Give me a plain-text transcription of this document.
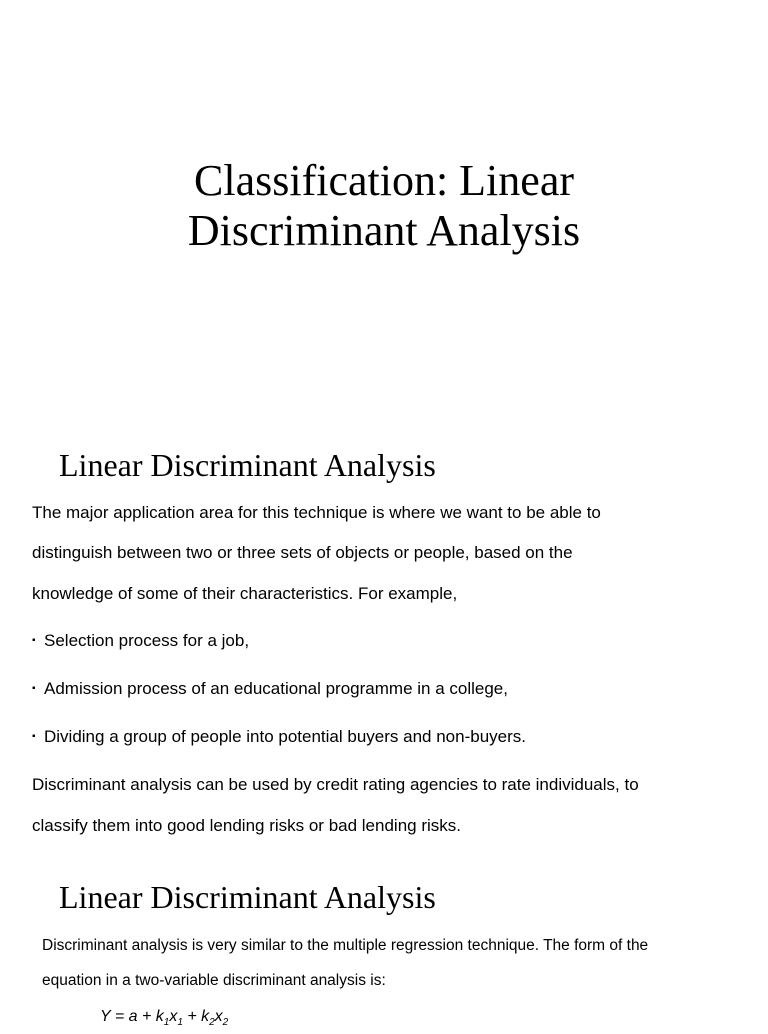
Classification: Linear
Discriminant Analysis
Linear Discriminant Analysis
The major application area for this technique is where we want to be able to
distinguish between two or three sets of objects or people, based on the
knowledge of some of their characteristics. For example,
▪ Selection process for a job,
▪ Admission process of an educational programme in a college,
▪ Dividing a group of people into potential buyers and non-buyers.
Discriminant analysis can be used by credit rating agencies to rate individuals, to
classify them into good lending risks or bad lending risks.
Linear Discriminant Analysis
Discriminant analysis is very similar to the multiple regression technique. The form of the
equation in a two-variable discriminant analysis is:
$Y = a + k_1x_1 + k_2x_2$
